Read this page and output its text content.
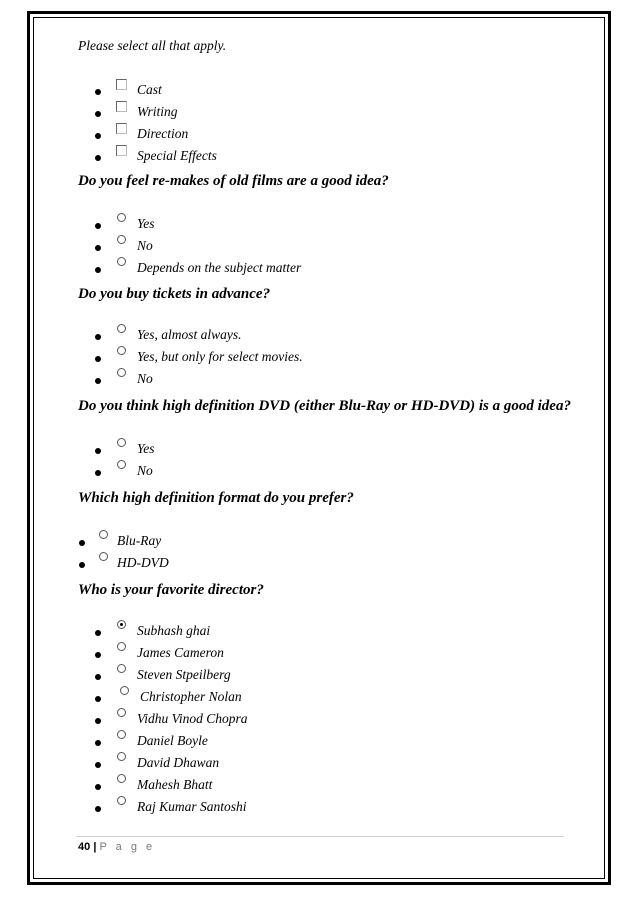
Please select all that apply.
Cast
Writing
Direction
Special Effects
Do you feel re-makes of old films are a good idea?
Yes
No
Depends on the subject matter
Do you buy tickets in advance?
Yes, almost always.
Yes, but only for select movies.
No
Do you think high definition DVD (either Blu-Ray or HD-DVD) is a good idea?
Yes
No
Which high definition format do you prefer?
Blu-Ray
HD-DVD
Who is your favorite director?
Subhash ghai
James Cameron
Steven Stpeilberg
Christopher Nolan
Vidhu Vinod Chopra
Daniel Boyle
David Dhawan
Mahesh Bhatt
Raj Kumar Santoshi
40 | P a g e
